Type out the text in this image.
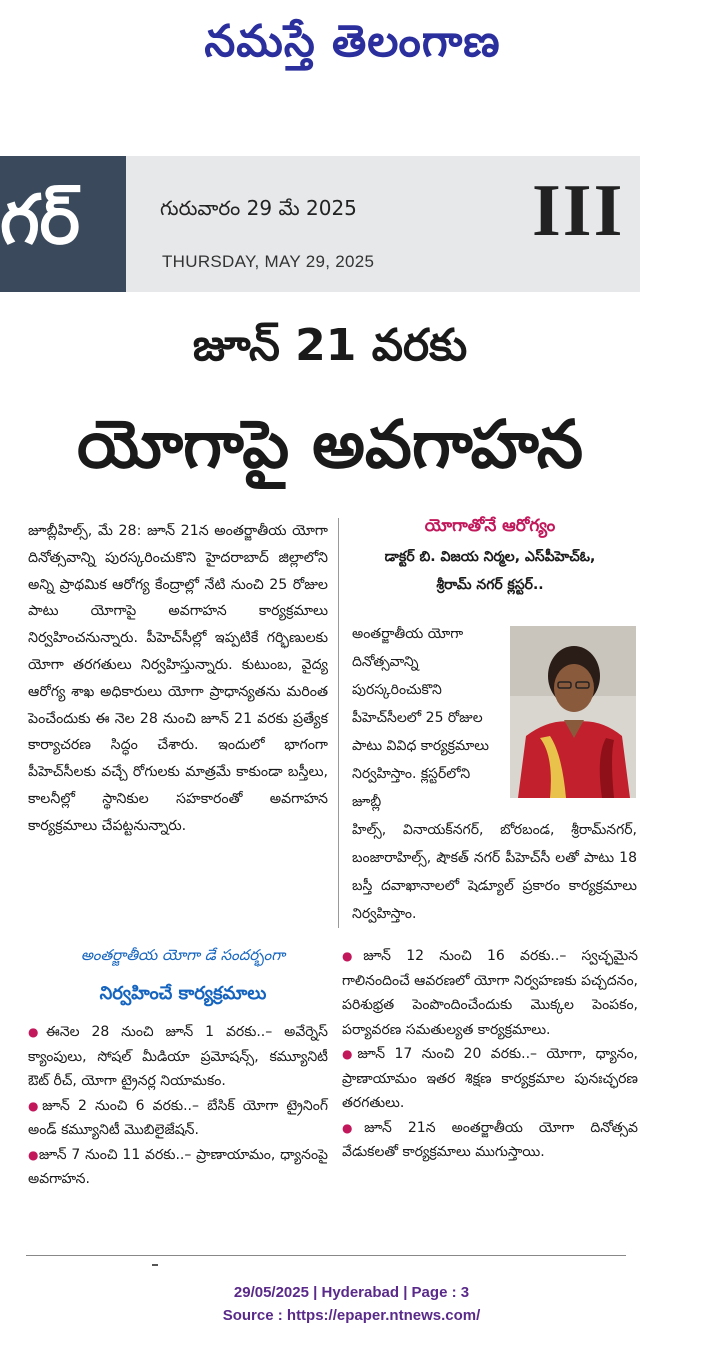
నమస్తే తెలంగాణ
గర్	గురువారం 29 మే 2025
THURSDAY, MAY 29, 2025
III
జూన్ 21 వరకు
యోగాపై అవగాహన
జూబ్లీహిల్స్, మే 28: జూన్ 21న అంతర్జాతీయ యోగా దినోత్సవాన్ని పురస్కరించుకొని హైదరాబాద్ జిల్లాలోని అన్ని ప్రాథమిక ఆరోగ్య కేంద్రాల్లో నేటి నుంచి 25 రోజుల పాటు యోగాపై అవగాహన కార్యక్రమాలు నిర్వహించనున్నారు. పీహెచ్‌సీల్లో ఇప్పటికే గర్భిణులకు యోగా తరగతులు నిర్వహిస్తున్నారు. కుటుంబ, వైద్య ఆరోగ్య శాఖ అధికారులు యోగా ప్రాధాన్యతను మరింత పెంచేందుకు ఈ నెల 28 నుంచి జూన్ 21 వరకు ప్రత్యేక కార్యాచరణ సిద్ధం చేశారు. ఇందులో భాగంగా పీహెచ్‌సీలకు వచ్చే రోగులకు మాత్రమే కాకుండా బస్తీలు, కాలనీల్లో స్థానికుల సహకారంతో అవగాహన కార్యక్రమాలు చేపట్టనున్నారు.
యోగాతోనే ఆరోగ్యం
డాక్టర్ బి. విజయ నిర్మల, ఎస్‌పీహెచ్ఓ,
శ్రీరామ్ నగర్ క్లస్టర్..
అంతర్జాతీయ యోగా దినోత్సవాన్ని పురస్కరించుకొని పీహెచ్‌సీలలో 25 రోజుల పాటు వివిధ కార్యక్రమాలు నిర్వహిస్తాం. క్లస్టర్‌లోని జూబ్లీ
హిల్స్, వినాయక్‌నగర్, బోరబండ, శ్రీరామ్‌నగర్, బంజారాహిల్స్, షౌకత్ నగర్ పీహెచ్‌సీ లతో పాటు 18 బస్తీ దవాఖానాలలో షెడ్యూల్ ప్రకారం కార్యక్రమాలు నిర్వహిస్తాం.
అంతర్జాతీయ యోగా డే సందర్భంగా
నిర్వహించే కార్యక్రమాలు

●ఈనెల 28 నుంచి జూన్ 1 వరకు..– అవేర్నెస్ క్యాంపులు, సోషల్ మీడియా ప్రమోషన్స్, కమ్యూనిటీ ఔట్ రీచ్, యోగా ట్రైనర్ల నియామకం.

●జూన్ 2 నుంచి 6 వరకు..– బేసిక్ యోగా ట్రైనింగ్ అండ్ కమ్యూనిటీ మొబిలైజేషన్.

●జూన్ 7 నుంచి 11 వరకు..– ప్రాణాయామం, ధ్యానంపై అవగాహన.

●జూన్ 12 నుంచి 16 వరకు..– స్వచ్ఛమైన గాలినందించే ఆవరణలో యోగా నిర్వహణకు పచ్చదనం, పరిశుభ్రత పెంపొందించేందుకు మొక్కల పెంపకం, పర్యావరణ సమతుల్యత కార్యక్రమాలు.

●జూన్ 17 నుంచి 20 వరకు..– యోగా, ధ్యానం, ప్రాణాయామం ఇతర శిక్షణ కార్యక్రమాల పునఃచ్ఛరణ తరగతులు.

●జూన్ 21న అంతర్జాతీయ యోగా దినోత్సవ వేడుకలతో కార్యక్రమాలు ముగుస్తాయి.

29/05/2025 | Hyderabad | Page : 3
Source : https://epaper.ntnews.com/
